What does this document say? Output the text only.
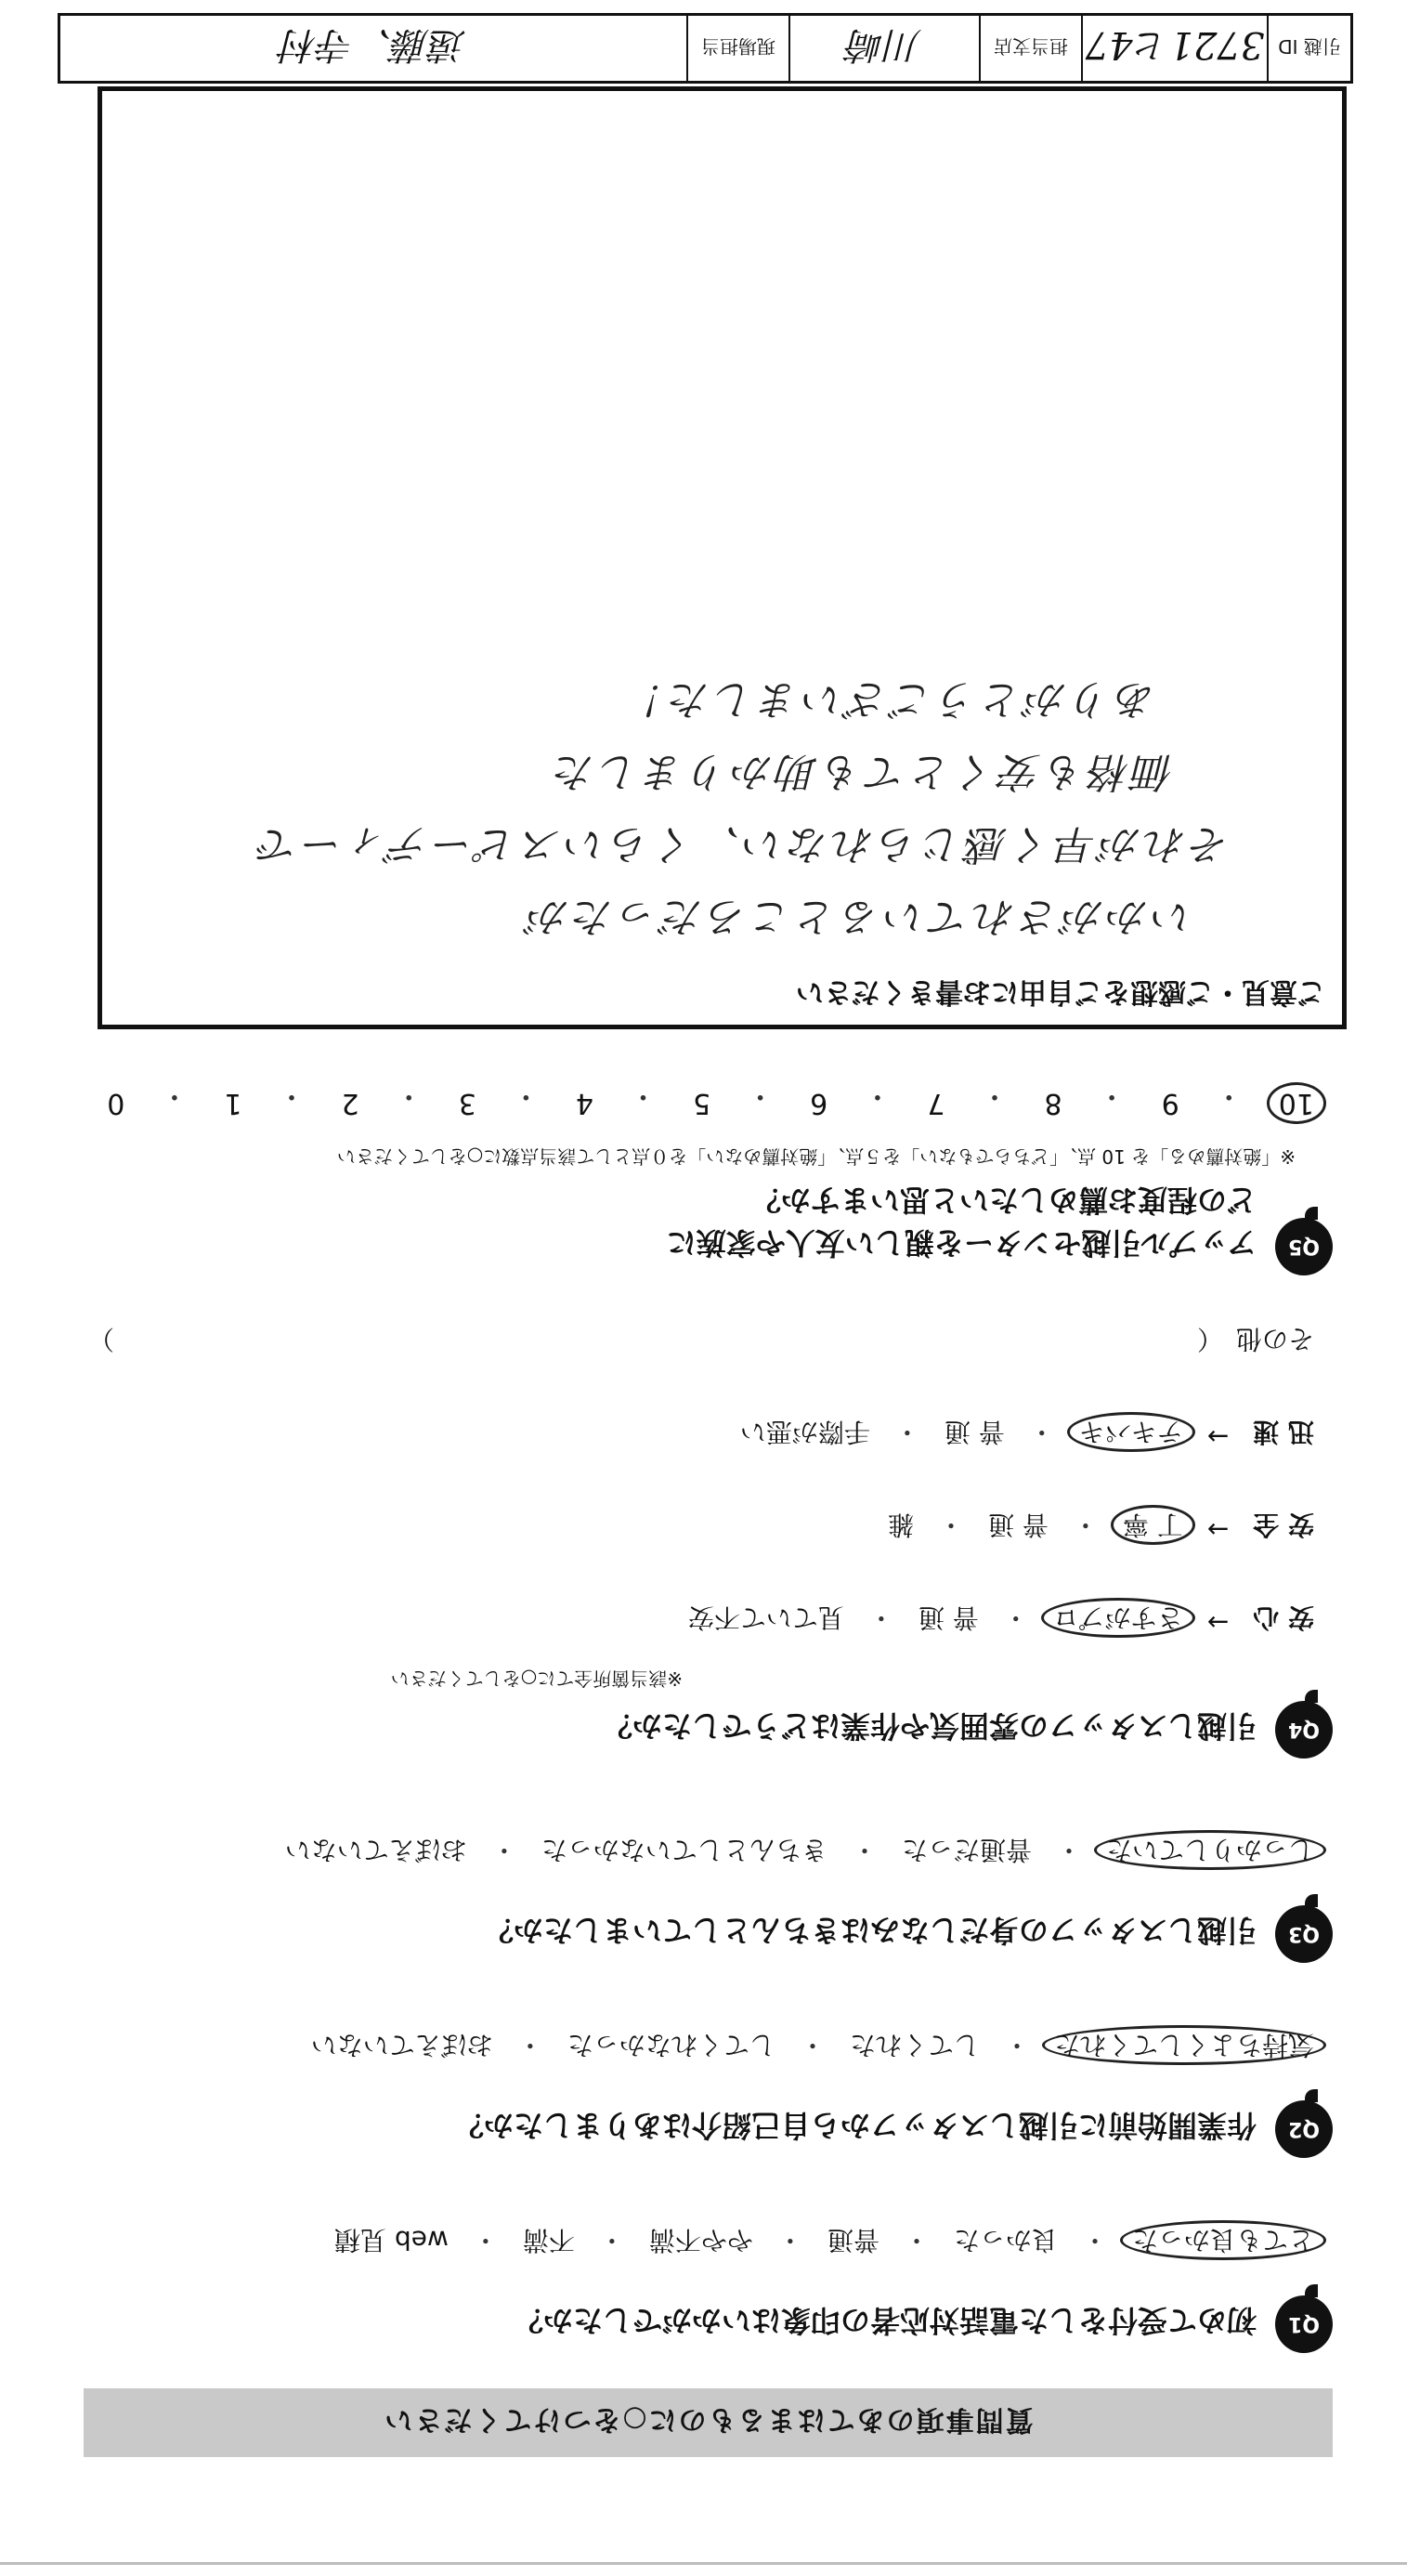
質問事項のあてはまるものに○をつけてください
Q1
初めて受付をした電話対応者の印象はいかがでしたか？
とても良かった
・
良かった
・
普通
・
やや不満
・
不満
・
web 見積
Q2
作業開始前に引越しスタッフから自己紹介はありましたか？
気持ちよくしてくれた
・
してくれた
・
してくれなかった
・
おぼえていない
Q3
引越しスタッフの身だしなみはきちんとしていましたか？
しっかりしていた
・
普通だった
・
きちんとしていなかった
・
おぼえていない
Q4
引越しスタッフの雰囲気や作業はどうでしたか？
※該当箇所全てに○をしてください
安 心
→
さすがプロ
・
普 通
・
見ていて不安
安 全
→
丁 寧
・
普 通
・
雑
迅 速
→
テキパキ
・
普 通
・
手際が悪い
その他　（
）
Q5
アップル引越センターを親しい友人や家族に
どの程度お薦めしたいと思いますか？
※「絶対薦める」を 10 点、「どちらでもない」を５点、「絶対薦めない」を０点として該当点数に○をしてください
10
・
9
・
8
・
7
・
6
・
5
・
4
・
3
・
2
・
1
・
0
ご意見・ご感想をご自由にお書きください
いかがされているところだったが
それが早く感じられない、くらいスピーディーで
価格も安くとても助かりました
ありがとうございました！
引越 ID
3721ヒ47
担当支店
川崎
現場担当
遠藤、寺村
